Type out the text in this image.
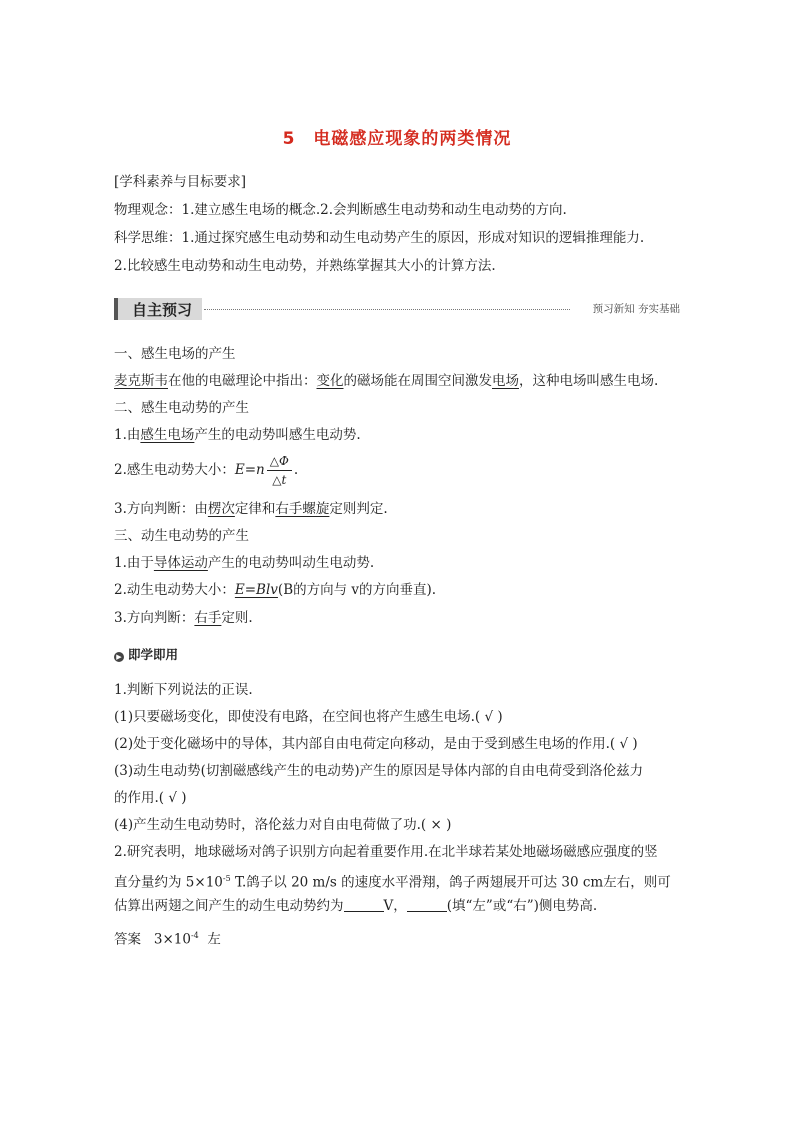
5 电磁感应现象的两类情况
[学科素养与目标要求]
物理观念：1.建立感生电场的概念.2.会判断感生电动势和动生电动势的方向.
科学思维：1.通过探究感生电动势和动生电动势产生的原因，形成对知识的逻辑推理能力.
2.比较感生电动势和动生电动势，并熟练掌握其大小的计算方法.
自主预习	预习新知 夯实基础
一、感生电场的产生
麦克斯韦在他的电磁理论中指出：变化的磁场能在周围空间激发电场，这种电场叫感生电场.
二、感生电动势的产生
1.由感生电场产生的电动势叫感生电动势.
2.感生电动势大小：$E=n \frac{\triangle\Phi}{\triangle t}$ .
3.方向判断：由楞次定律和右手螺旋定则判定.
三、动生电动势的产生
1.由于导体运动产生的电动势叫动生电动势.
2.动生电动势大小：E=Blv(B的方向与 v的方向垂直).
3.方向判断：右手定则.
▶ 即学即用
1.判断下列说法的正误.
(1)只要磁场变化，即使没有电路，在空间也将产生感生电场.( √ )
(2)处于变化磁场中的导体，其内部自由电荷定向移动，是由于受到感生电场的作用.( √ )
(3)动生电动势(切割磁感线产生的电动势)产生的原因是导体内部的自由电荷受到洛伦兹力
的作用.( √ )
(4)产生动生电动势时，洛伦兹力对自由电荷做了功.( × )
2.研究表明，地球磁场对鸽子识别方向起着重要作用.在北半球若某处地磁场磁感应强度的竖
直分量约为 $5\times 10^{-5}$ T.鸽子以 20 m/s 的速度水平滑翔，鸽子两翅展开可达 30 cm左右，则可
估算出两翅之间产生的动生电动势约为	V，	(填“左”或“右”)侧电势高.
答案 $3\times 10^{-4}$ 左
